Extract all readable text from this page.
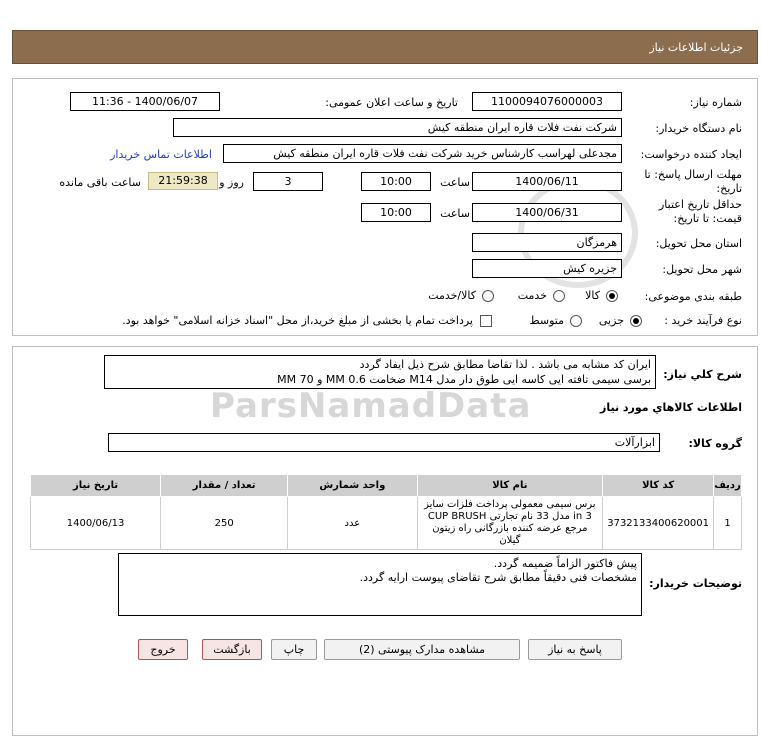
جزئیات اطلاعات نیاز
شماره نیاز:
1100094076000003
تاریخ و ساعت اعلان عمومی:
1400/06/07 - 11:36
نام دستگاه خریدار:
شرکت نفت فلات قاره ایران منطقه کیش
ایجاد کننده درخواست:
مجدعلی لهراسب کارشناس خرید شرکت نفت فلات قاره ایران منطقه کیش
اطلاعات تماس خریدار
مهلت ارسال پاسخ: تا تاریخ:
1400/06/11
ساعت
10:00
3
روز و
21:59:38
ساعت باقی مانده
حداقل تاریخ اعتبار قیمت: تا تاریخ:
1400/06/31
ساعت
10:00
استان محل تحویل:
هرمزگان
شهر محل تحویل:
جزیره کیش
طبقه بندی موضوعی:
کالا
خدمت
کالا/خدمت
نوع فرآیند خرید :
جزیی
متوسط
پرداخت تمام یا بخشی از مبلغ خرید،از محل "اسناد خزانه اسلامی" خواهد بود.
ParsNamadData
شرح کلي نياز:
ایران کد مشابه می باشد . لذا تقاضا مطابق شرح ذیل ایفاد گردد
برسی سیمی تافته ایی کاسه ایی طوق دار مدل M14 ضخامت MM 0.6 و MM 70
اطلاعات کالاهاي مورد نياز
گروه کالا:
ابزارآلات
ردیف	کد کالا	نام کالا	واحد شمارش	تعداد / مقدار	تاریخ نیاز
1	3732133400620001	برس سیمی معمولی پرداخت فلزات سایز 3 in مدل 33 نام تجارتی CUP BRUSH مرجع عرضه کننده بازرگانی راه زیتون گیلان	عدد	250	1400/06/13
توضیحات خریدار:
پیش فاکتور الزاماً ضمیمه گردد.
مشخصات فنی دقیقاً مطابق شرح تقاضای پیوست ارایه گردد.
پاسخ به نیاز
مشاهده مدارک پیوستی (2)
چاپ
بازگشت
خروج
